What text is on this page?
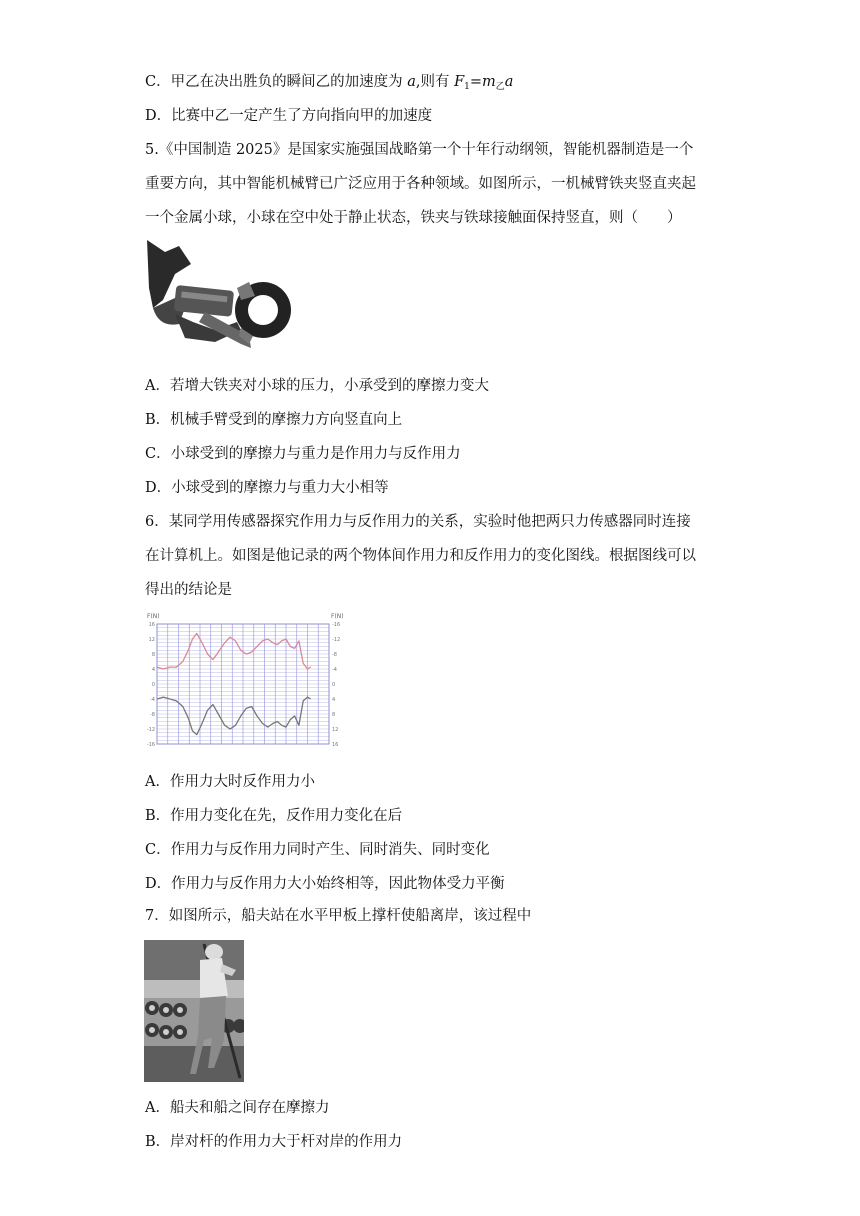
C．甲乙在决出胜负的瞬间乙的加速度为 a,则有 $F_1=m_乙a$
D．比赛中乙一定产生了方向指向甲的加速度
5.《中国制造 2025》是国家实施强国战略第一个十年行动纲领，智能机器制造是一个
重要方向，其中智能机械臂已广泛应用于各种领域。如图所示，一机械臂铁夹竖直夹起
一个金属小球，小球在空中处于静止状态，铁夹与铁球接触面保持竖直，则（　　）
A．若增大铁夹对小球的压力，小承受到的摩擦力变大
B．机械手臂受到的摩擦力方向竖直向上
C．小球受到的摩擦力与重力是作用力与反作用力
D．小球受到的摩擦力与重力大小相等
6．某同学用传感器探究作用力与反作用力的关系，实验时他把两只力传感器同时连接
在计算机上。如图是他记录的两个物体间作用力和反作用力的变化图线。根据图线可以
得出的结论是
16
12
8
4
0
-4
-8
-12
-16
-16
-12
-8
-4
0
4
8
12
16
F(N)	F(N)
A．作用力大时反作用力小
B．作用力变化在先，反作用力变化在后
C．作用力与反作用力同时产生、同时消失、同时变化
D．作用力与反作用力大小始终相等，因此物体受力平衡
7．如图所示，船夫站在水平甲板上撑杆使船离岸，该过程中
A．船夫和船之间存在摩擦力
B．岸对杆的作用力大于杆对岸的作用力
